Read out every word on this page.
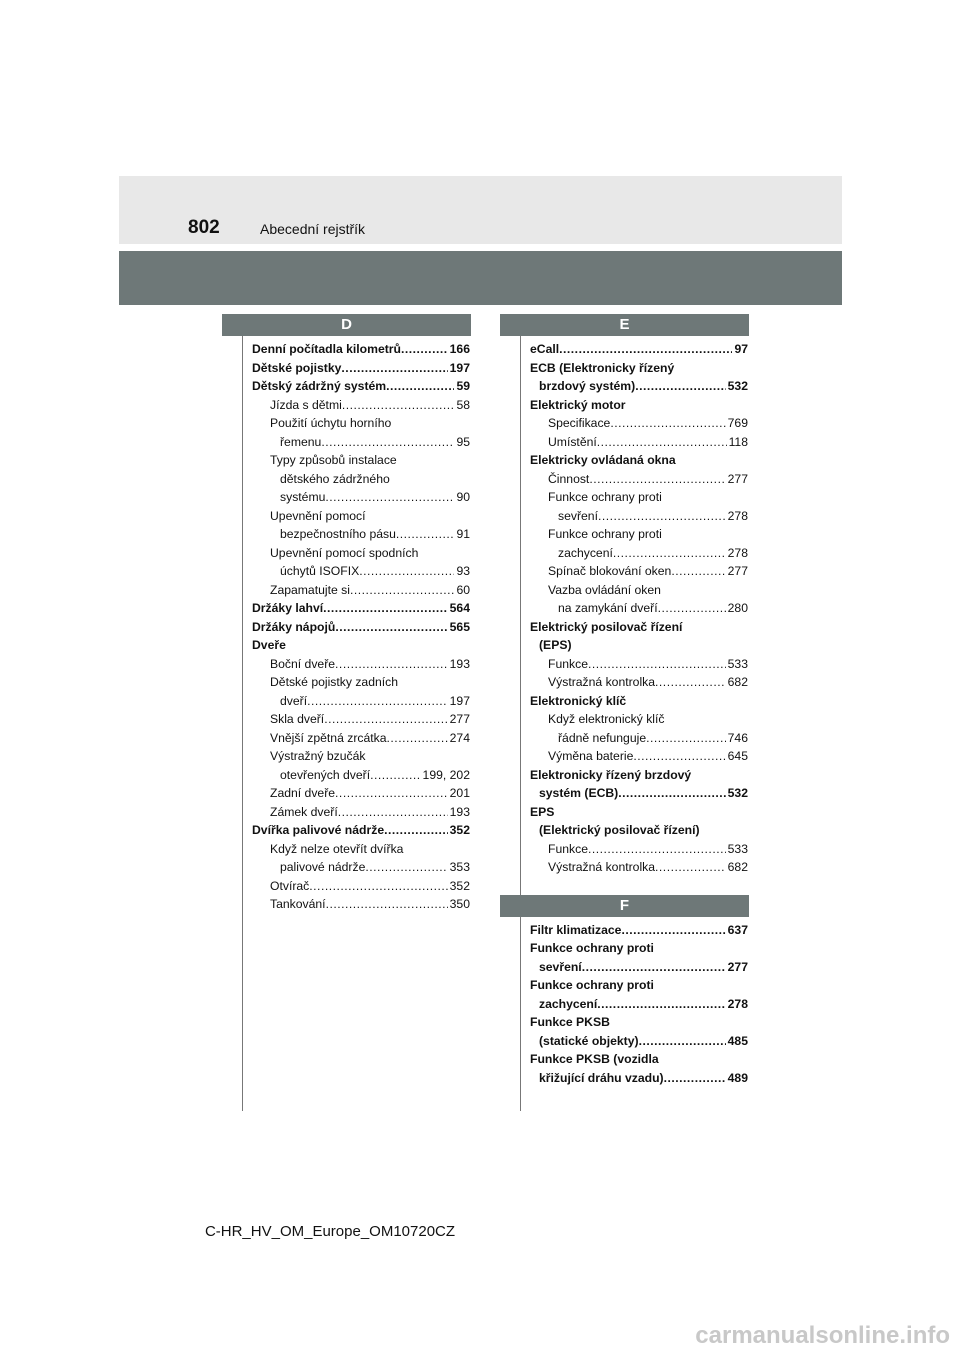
802	Abecední rejstřík
D
Denní počítadla kilometrů .....	166
Dětské pojistky .....	197
Dětský zádržný systém .....	59
Jízda s dětmi .....	58
Použití úchytu horního
řemenu .....	95
Typy způsobů instalace
dětského zádržného
systému .....	90
Upevnění pomocí
bezpečnostního pásu .....	91
Upevnění pomocí spodních
úchytů ISOFIX .....	93
Zapamatujte si .....	60
Držáky lahví .....	564
Držáky nápojů .....	565
Dveře
Boční dveře .....	193
Dětské pojistky zadních
dveří .....	197
Skla dveří .....	277
Vnější zpětná zrcátka .....	274
Výstražný bzučák
otevřených dveří .....	199, 202
Zadní dveře .....	201
Zámek dveří .....	193
Dvířka palivové nádrže .....	352
Když nelze otevřít dvířka
palivové nádrže .....	353
Otvírač .....	352
Tankování .....	350
E
eCall .....	97
ECB (Elektronicky řízený
brzdový systém) .....	532
Elektrický motor
Specifikace .....	769
Umístění .....	118
Elektricky ovládaná okna
Činnost .....	277
Funkce ochrany proti
sevření .....	278
Funkce ochrany proti
zachycení .....	278
Spínač blokování oken .....	277
Vazba ovládání oken
na zamykání dveří .....	280
Elektrický posilovač řízení
(EPS)
Funkce .....	533
Výstražná kontrolka .....	682
Elektronický klíč
Když elektronický klíč
řádně nefunguje .....	746
Výměna baterie .....	645
Elektronicky řízený brzdový
systém (ECB) .....	532
EPS
(Elektrický posilovač řízení)
Funkce .....	533
Výstražná kontrolka .....	682
F
Filtr klimatizace .....	637
Funkce ochrany proti
sevření .....	277
Funkce ochrany proti
zachycení .....	278
Funkce PKSB
(statické objekty) .....	485
Funkce PKSB (vozidla
křižující dráhu vzadu) .....	489
C-HR_HV_OM_Europe_OM10720CZ
carmanualsonline.info
